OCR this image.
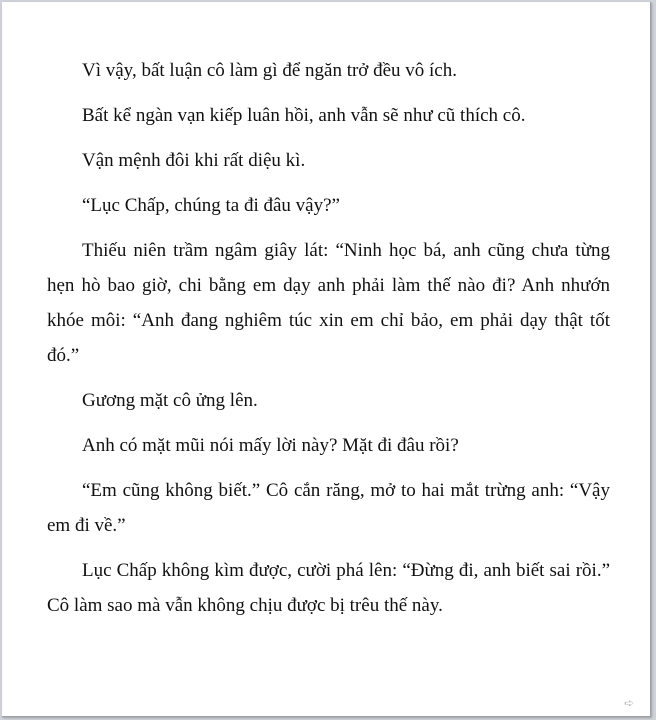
Vì vậy, bất luận cô làm gì để ngăn trở đều vô ích.

Bất kể ngàn vạn kiếp luân hồi, anh vẫn sẽ như cũ thích cô.

Vận mệnh đôi khi rất diệu kì.

“Lục Chấp, chúng ta đi đâu vậy?”

Thiếu niên trầm ngâm giây lát: “Ninh học bá, anh cũng chưa từng hẹn hò bao giờ, chi bằng em dạy anh phải làm thế nào đi? Anh nhướn khóe môi: “Anh đang nghiêm túc xin em chỉ bảo, em phải dạy thật tốt đó.”

Gương mặt cô ửng lên.

Anh có mặt mũi nói mấy lời này? Mặt đi đâu rồi?

“Em cũng không biết.” Cô cắn răng, mở to hai mắt trừng anh: “Vậy em đi về.”

Lục Chấp không kìm được, cười phá lên: “Đừng đi, anh biết sai rồi.” Cô làm sao mà vẫn không chịu được bị trêu thế này.

➪
